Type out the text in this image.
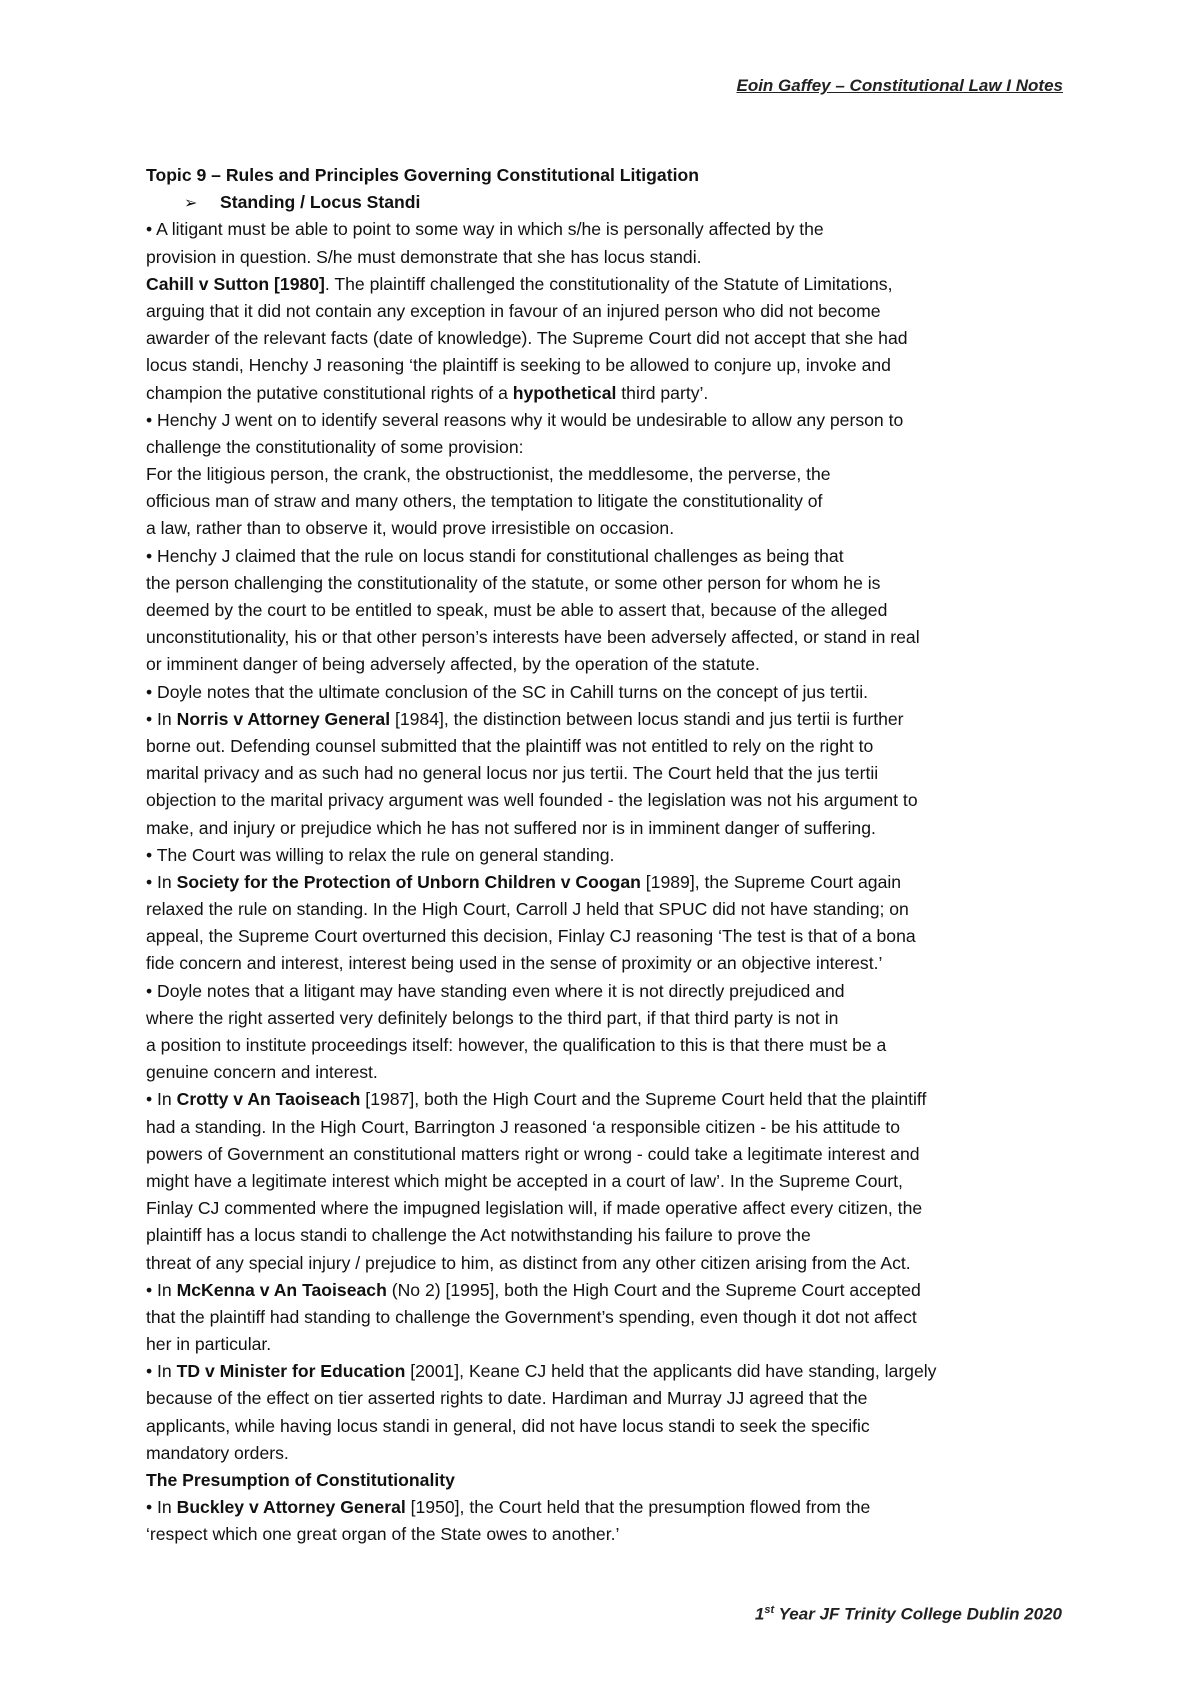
Eoin Gaffey – Constitutional Law I Notes
Topic 9 – Rules and Principles Governing Constitutional Litigation
➢ Standing / Locus Standi
• A litigant must be able to point to some way in which s/he is personally affected by the
provision in question. S/he must demonstrate that she has locus standi.
Cahill v Sutton [1980]. The plaintiff challenged the constitutionality of the Statute of Limitations,
arguing that it did not contain any exception in favour of an injured person who did not become
awarder of the relevant facts (date of knowledge). The Supreme Court did not accept that she had
locus standi, Henchy J reasoning ‘the plaintiff is seeking to be allowed to conjure up, invoke and
champion the putative constitutional rights of a hypothetical third party’.
• Henchy J went on to identify several reasons why it would be undesirable to allow any person to
challenge the constitutionality of some provision:
For the litigious person, the crank, the obstructionist, the meddlesome, the perverse, the
officious man of straw and many others, the temptation to litigate the constitutionality of
a law, rather than to observe it, would prove irresistible on occasion.
• Henchy J claimed that the rule on locus standi for constitutional challenges as being that
the person challenging the constitutionality of the statute, or some other person for whom he is
deemed by the court to be entitled to speak, must be able to assert that, because of the alleged
unconstitutionality, his or that other person’s interests have been adversely affected, or stand in real
or imminent danger of being adversely affected, by the operation of the statute.
• Doyle notes that the ultimate conclusion of the SC in Cahill turns on the concept of jus tertii.
• In Norris v Attorney General [1984], the distinction between locus standi and jus tertii is further
borne out. Defending counsel submitted that the plaintiff was not entitled to rely on the right to
marital privacy and as such had no general locus nor jus tertii. The Court held that the jus tertii
objection to the marital privacy argument was well founded - the legislation was not his argument to
make, and injury or prejudice which he has not suffered nor is in imminent danger of suffering.
• The Court was willing to relax the rule on general standing.
• In Society for the Protection of Unborn Children v Coogan [1989], the Supreme Court again
relaxed the rule on standing. In the High Court, Carroll J held that SPUC did not have standing; on
appeal, the Supreme Court overturned this decision, Finlay CJ reasoning ‘The test is that of a bona
fide concern and interest, interest being used in the sense of proximity or an objective interest.’
• Doyle notes that a litigant may have standing even where it is not directly prejudiced and
where the right asserted very definitely belongs to the third part, if that third party is not in
a position to institute proceedings itself: however, the qualification to this is that there must be a
genuine concern and interest.
• In Crotty v An Taoiseach [1987], both the High Court and the Supreme Court held that the plaintiff
had a standing. In the High Court, Barrington J reasoned ‘a responsible citizen - be his attitude to
powers of Government an constitutional matters right or wrong - could take a legitimate interest and
might have a legitimate interest which might be accepted in a court of law’. In the Supreme Court,
Finlay CJ commented where the impugned legislation will, if made operative affect every citizen, the
plaintiff has a locus standi to challenge the Act notwithstanding his failure to prove the
threat of any special injury / prejudice to him, as distinct from any other citizen arising from the Act.
• In McKenna v An Taoiseach (No 2) [1995], both the High Court and the Supreme Court accepted
that the plaintiff had standing to challenge the Government’s spending, even though it dot not affect
her in particular.
• In TD v Minister for Education [2001], Keane CJ held that the applicants did have standing, largely
because of the effect on tier asserted rights to date. Hardiman and Murray JJ agreed that the
applicants, while having locus standi in general, did not have locus standi to seek the specific
mandatory orders.
The Presumption of Constitutionality
• In Buckley v Attorney General [1950], the Court held that the presumption flowed from the
‘respect which one great organ of the State owes to another.’
1st Year JF Trinity College Dublin 2020
